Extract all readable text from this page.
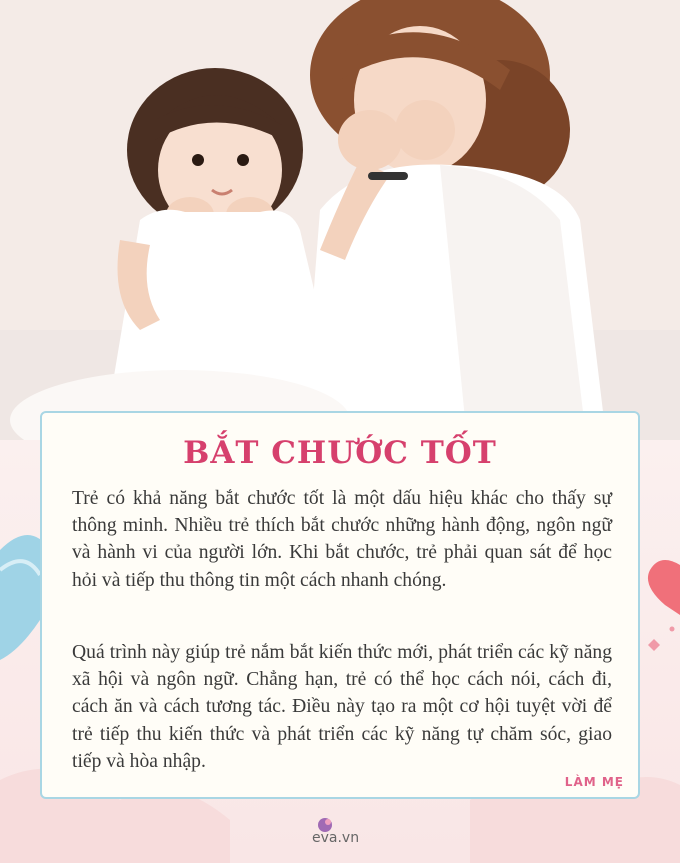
BẮT CHƯỚC TỐT

Trẻ có khả năng bắt chước tốt là một dấu hiệu khác cho thấy sự thông minh. Nhiều trẻ thích bắt chước những hành động, ngôn ngữ và hành vi của người lớn. Khi bắt chước, trẻ phải quan sát để học hỏi và tiếp thu thông tin một cách nhanh chóng.

Quá trình này giúp trẻ nắm bắt kiến thức mới, phát triển các kỹ năng xã hội và ngôn ngữ. Chẳng hạn, trẻ có thể học cách nói, cách đi, cách ăn và cách tương tác. Điều này tạo ra một cơ hội tuyệt vời để trẻ tiếp thu kiến thức và phát triển các kỹ năng tự chăm sóc, giao tiếp và hòa nhập.

LÀM MẸ
eva.vn
